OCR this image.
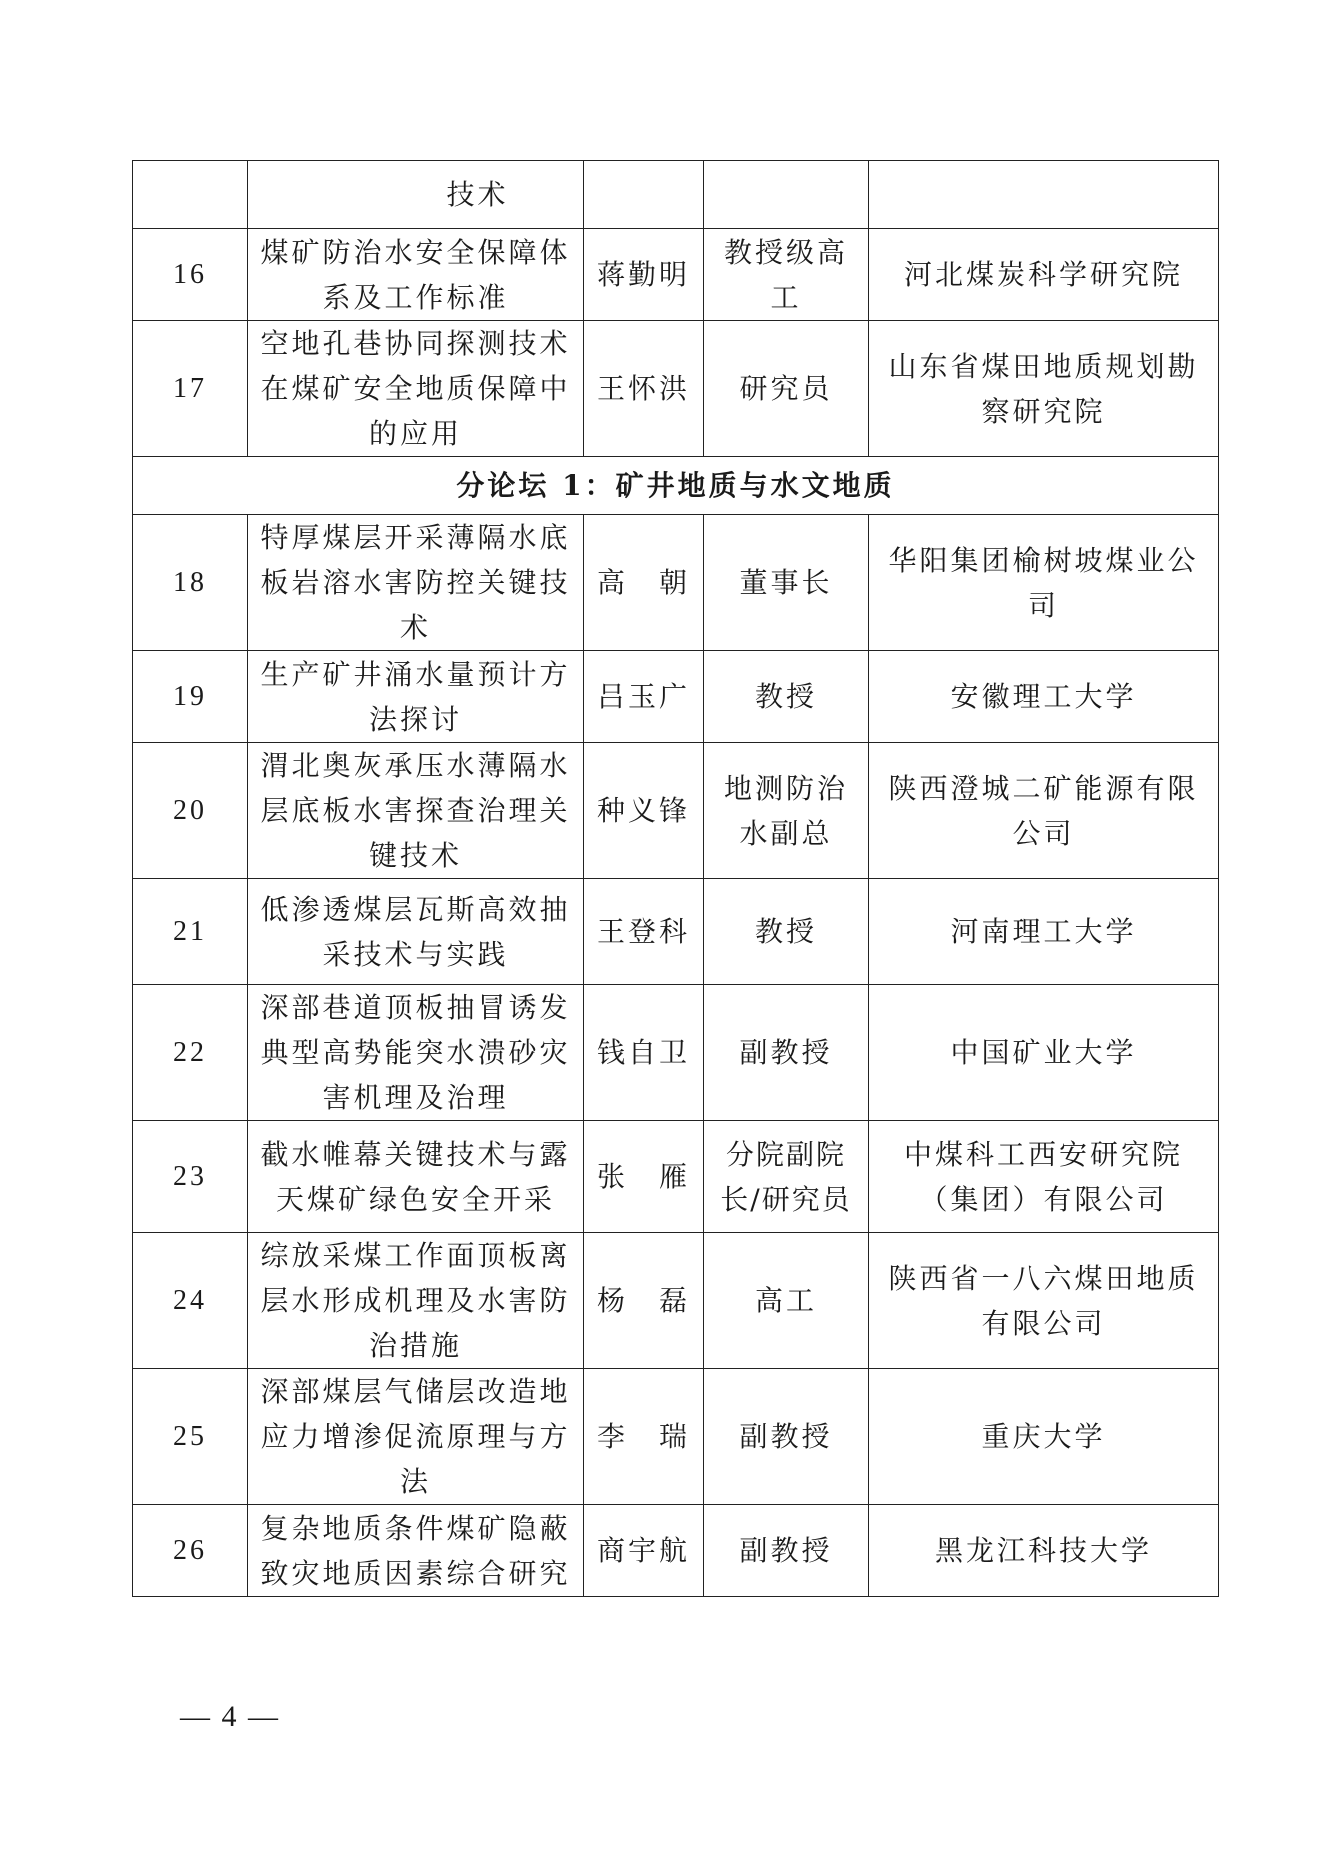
	技术			
16	煤矿防治水安全保障体系及工作标准	蒋勤明	教授级高工	河北煤炭科学研究院
17	空地孔巷协同探测技术在煤矿安全地质保障中的应用	王怀洪	研究员	山东省煤田地质规划勘察研究院
分论坛 1：矿井地质与水文地质				
18	特厚煤层开采薄隔水底板岩溶水害防控关键技术	高　朝	董事长	华阳集团榆树坡煤业公司
19	生产矿井涌水量预计方法探讨	吕玉广	教授	安徽理工大学
20	渭北奥灰承压水薄隔水层底板水害探查治理关键技术	种义锋	地测防治水副总	陕西澄城二矿能源有限公司
21	低渗透煤层瓦斯高效抽采技术与实践	王登科	教授	河南理工大学
22	深部巷道顶板抽冒诱发典型高势能突水溃砂灾害机理及治理	钱自卫	副教授	中国矿业大学
23	截水帷幕关键技术与露天煤矿绿色安全开采	张　雁	分院副院长/研究员	中煤科工西安研究院（集团）有限公司
24	综放采煤工作面顶板离层水形成机理及水害防治措施	杨　磊	高工	陕西省一八六煤田地质有限公司
25	深部煤层气储层改造地应力增渗促流原理与方法	李　瑞	副教授	重庆大学
26	复杂地质条件煤矿隐蔽致灾地质因素综合研究	商宇航	副教授	黑龙江科技大学
— 4 —
